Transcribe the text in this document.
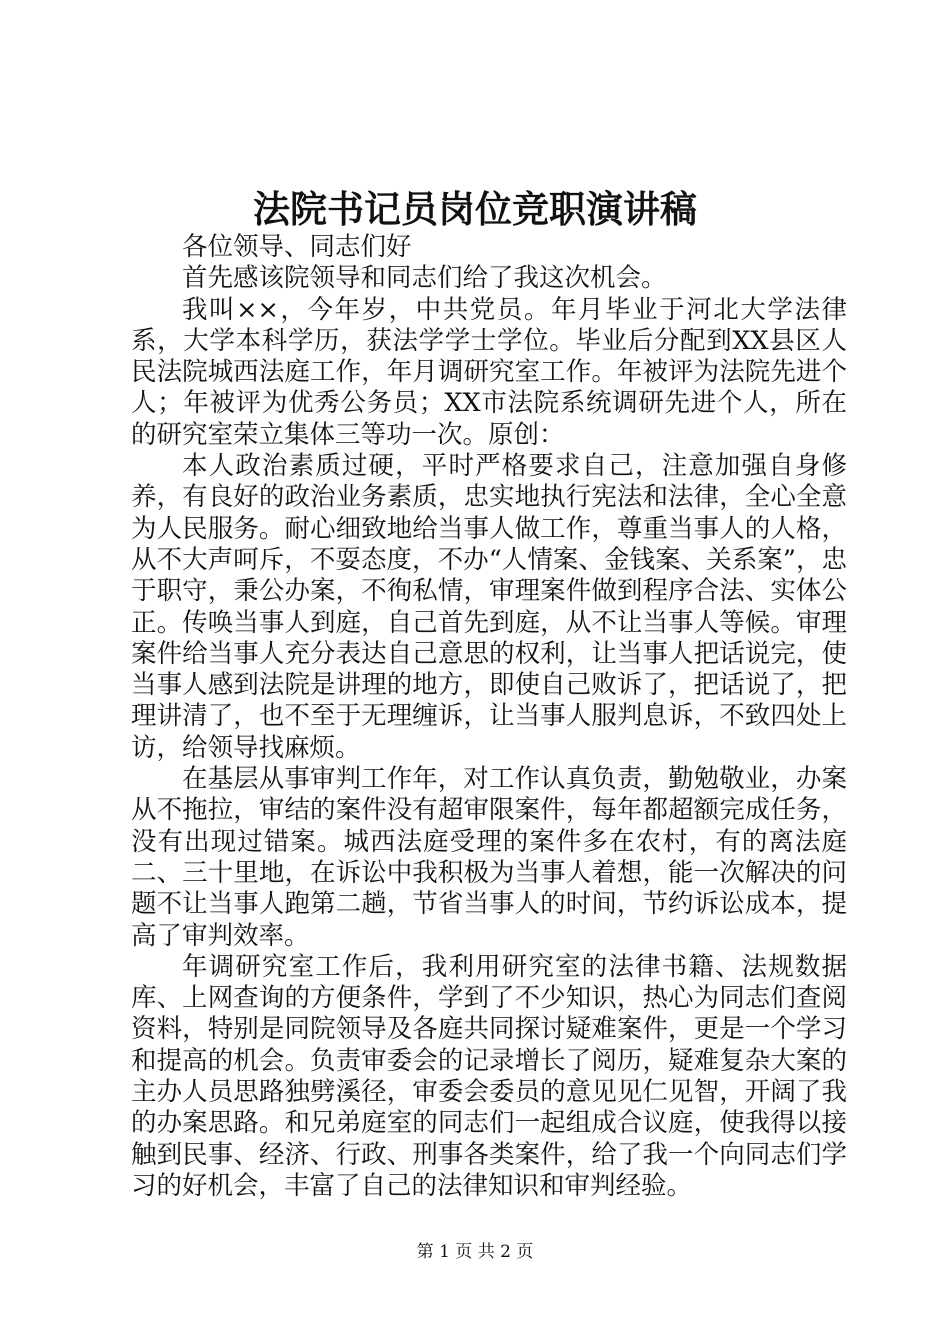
法院书记员岗位竞职演讲稿

各位领导、同志们好

首先感该院领导和同志们给了我这次机会。

我叫××，今年岁，中共党员。年月毕业于河北大学法律系，大学本科学历，获法学学士学位。毕业后分配到XX县区人民法院城西法庭工作，年月调研究室工作。年被评为法院先进个人；年被评为优秀公务员；XX市法院系统调研先进个人，所在的研究室荣立集体三等功一次。原创：

本人政治素质过硬，平时严格要求自己，注意加强自身修养，有良好的政治业务素质，忠实地执行宪法和法律，全心全意为人民服务。耐心细致地给当事人做工作，尊重当事人的人格，从不大声呵斥，不耍态度，不办“人情案、金钱案、关系案”，忠于职守，秉公办案，不徇私情，审理案件做到程序合法、实体公正。传唤当事人到庭，自己首先到庭，从不让当事人等候。审理案件给当事人充分表达自己意思的权利，让当事人把话说完，使当事人感到法院是讲理的地方，即使自己败诉了，把话说了，把理讲清了，也不至于无理缠诉，让当事人服判息诉，不致四处上访，给领导找麻烦。

在基层从事审判工作年，对工作认真负责，勤勉敬业，办案从不拖拉，审结的案件没有超审限案件，每年都超额完成任务，没有出现过错案。城西法庭受理的案件多在农村，有的离法庭二、三十里地，在诉讼中我积极为当事人着想，能一次解决的问题不让当事人跑第二趟，节省当事人的时间，节约诉讼成本，提高了审判效率。

年调研究室工作后，我利用研究室的法律书籍、法规数据库、上网查询的方便条件，学到了不少知识，热心为同志们查阅资料，特别是同院领导及各庭共同探讨疑难案件，更是一个学习和提高的机会。负责审委会的记录增长了阅历，疑难复杂大案的主办人员思路独劈溪径，审委会委员的意见见仁见智，开阔了我的办案思路。和兄弟庭室的同志们一起组成合议庭，使我得以接触到民事、经济、行政、刑事各类案件，给了我一个向同志们学习的好机会，丰富了自己的法律知识和审判经验。

第 1 页 共 2 页
